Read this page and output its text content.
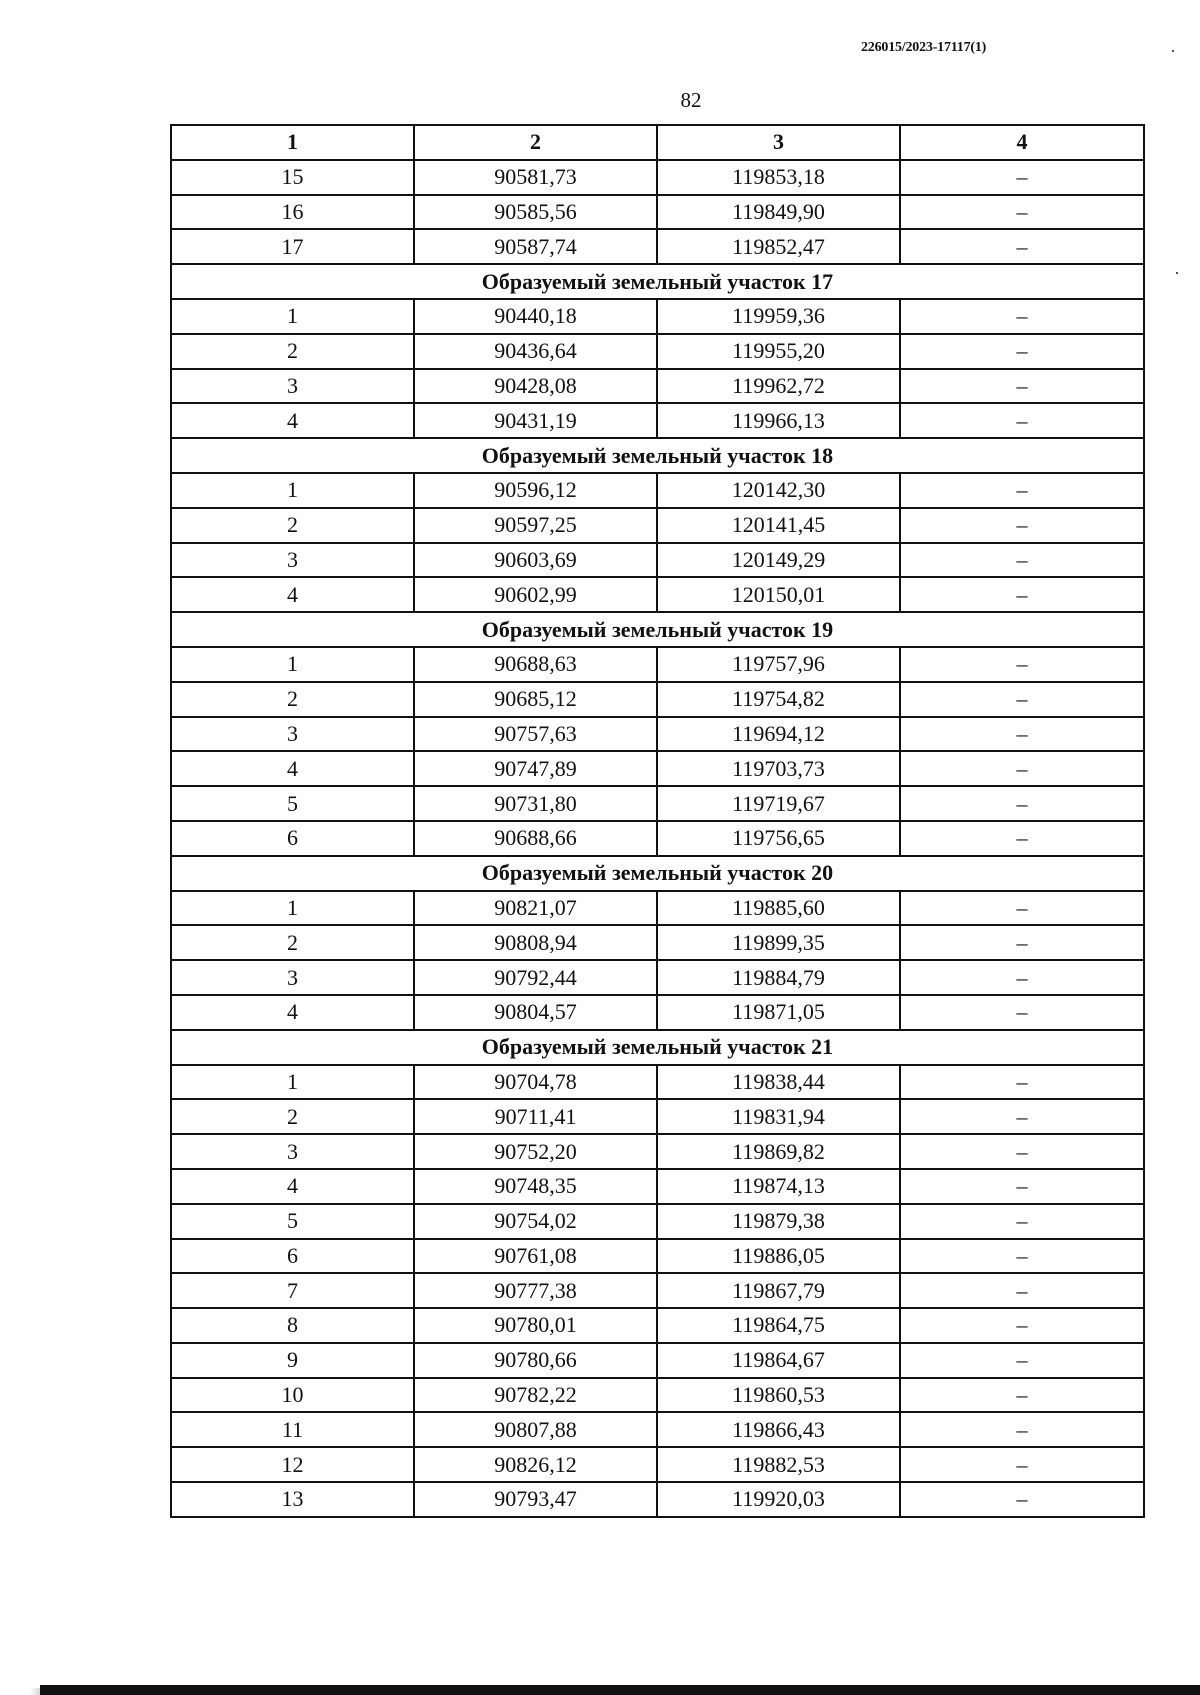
226015/2023-17117(1)
82
1	2	3	4
15	90581,73	119853,18	–
16	90585,56	119849,90	–
17	90587,74	119852,47	–
Образуемый земельный участок 17			
1	90440,18	119959,36	–
2	90436,64	119955,20	–
3	90428,08	119962,72	–
4	90431,19	119966,13	–
Образуемый земельный участок 18			
1	90596,12	120142,30	–
2	90597,25	120141,45	–
3	90603,69	120149,29	–
4	90602,99	120150,01	–
Образуемый земельный участок 19			
1	90688,63	119757,96	–
2	90685,12	119754,82	–
3	90757,63	119694,12	–
4	90747,89	119703,73	–
5	90731,80	119719,67	–
6	90688,66	119756,65	–
Образуемый земельный участок 20			
1	90821,07	119885,60	–
2	90808,94	119899,35	–
3	90792,44	119884,79	–
4	90804,57	119871,05	–
Образуемый земельный участок 21			
1	90704,78	119838,44	–
2	90711,41	119831,94	–
3	90752,20	119869,82	–
4	90748,35	119874,13	–
5	90754,02	119879,38	–
6	90761,08	119886,05	–
7	90777,38	119867,79	–
8	90780,01	119864,75	–
9	90780,66	119864,67	–
10	90782,22	119860,53	–
11	90807,88	119866,43	–
12	90826,12	119882,53	–
13	90793,47	119920,03	–
